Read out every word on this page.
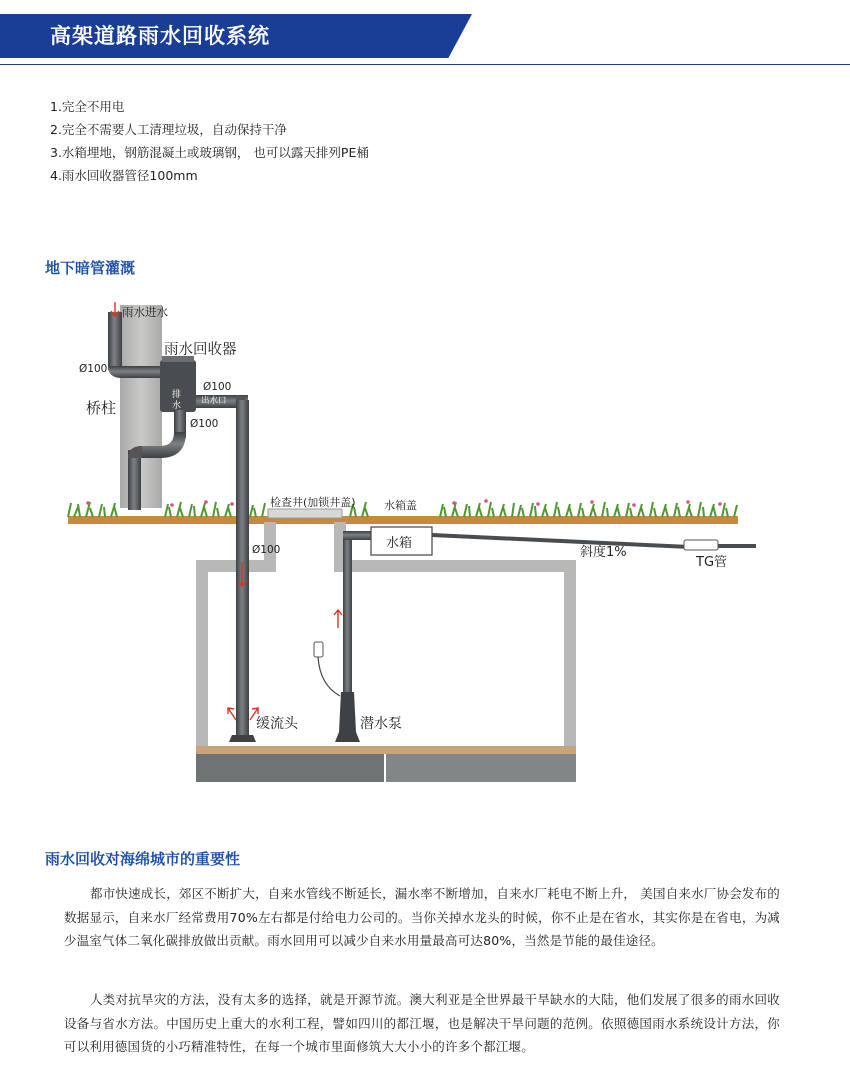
高架道路雨水回收系统
1.完全不用电
2.完全不需要人工清理垃圾，自动保持干净
3.水箱埋地，钢筋混凝土或玻璃钢， 也可以露天排列PE桶
4.雨水回收器管径100mm
地下暗管灌溉
雨水进水
雨水回收器
Ø100
桥柱
Ø100
出水口
排
水
Ø100
检查井(加锁井盖)	水箱盖
水箱
斜度1%
TG管
Ø100
缓流头	潜水泵
雨水回收对海绵城市的重要性

都市快速成长，郊区不断扩大，自来水管线不断延长，漏水率不断增加，自来水厂耗电不断上升， 美国自来水厂协会发布的数据显示，自来水厂经常费用70%左右都是付给电力公司的。当你关掉水龙头的时候，你不止是在省水，其实你是在省电，为减少温室气体二氧化碳排放做出贡献。雨水回用可以减少自来水用量最高可达80%，当然是节能的最佳途径。

人类对抗旱灾的方法，没有太多的选择，就是开源节流。澳大利亚是全世界最干旱缺水的大陆，他们发展了很多的雨水回收设备与省水方法。中国历史上重大的水利工程，譬如四川的都江堰，也是解决干旱问题的范例。依照德国雨水系统设计方法，你可以利用德国货的小巧精准特性，在每一个城市里面修筑大大小小的许多个都江堰。
